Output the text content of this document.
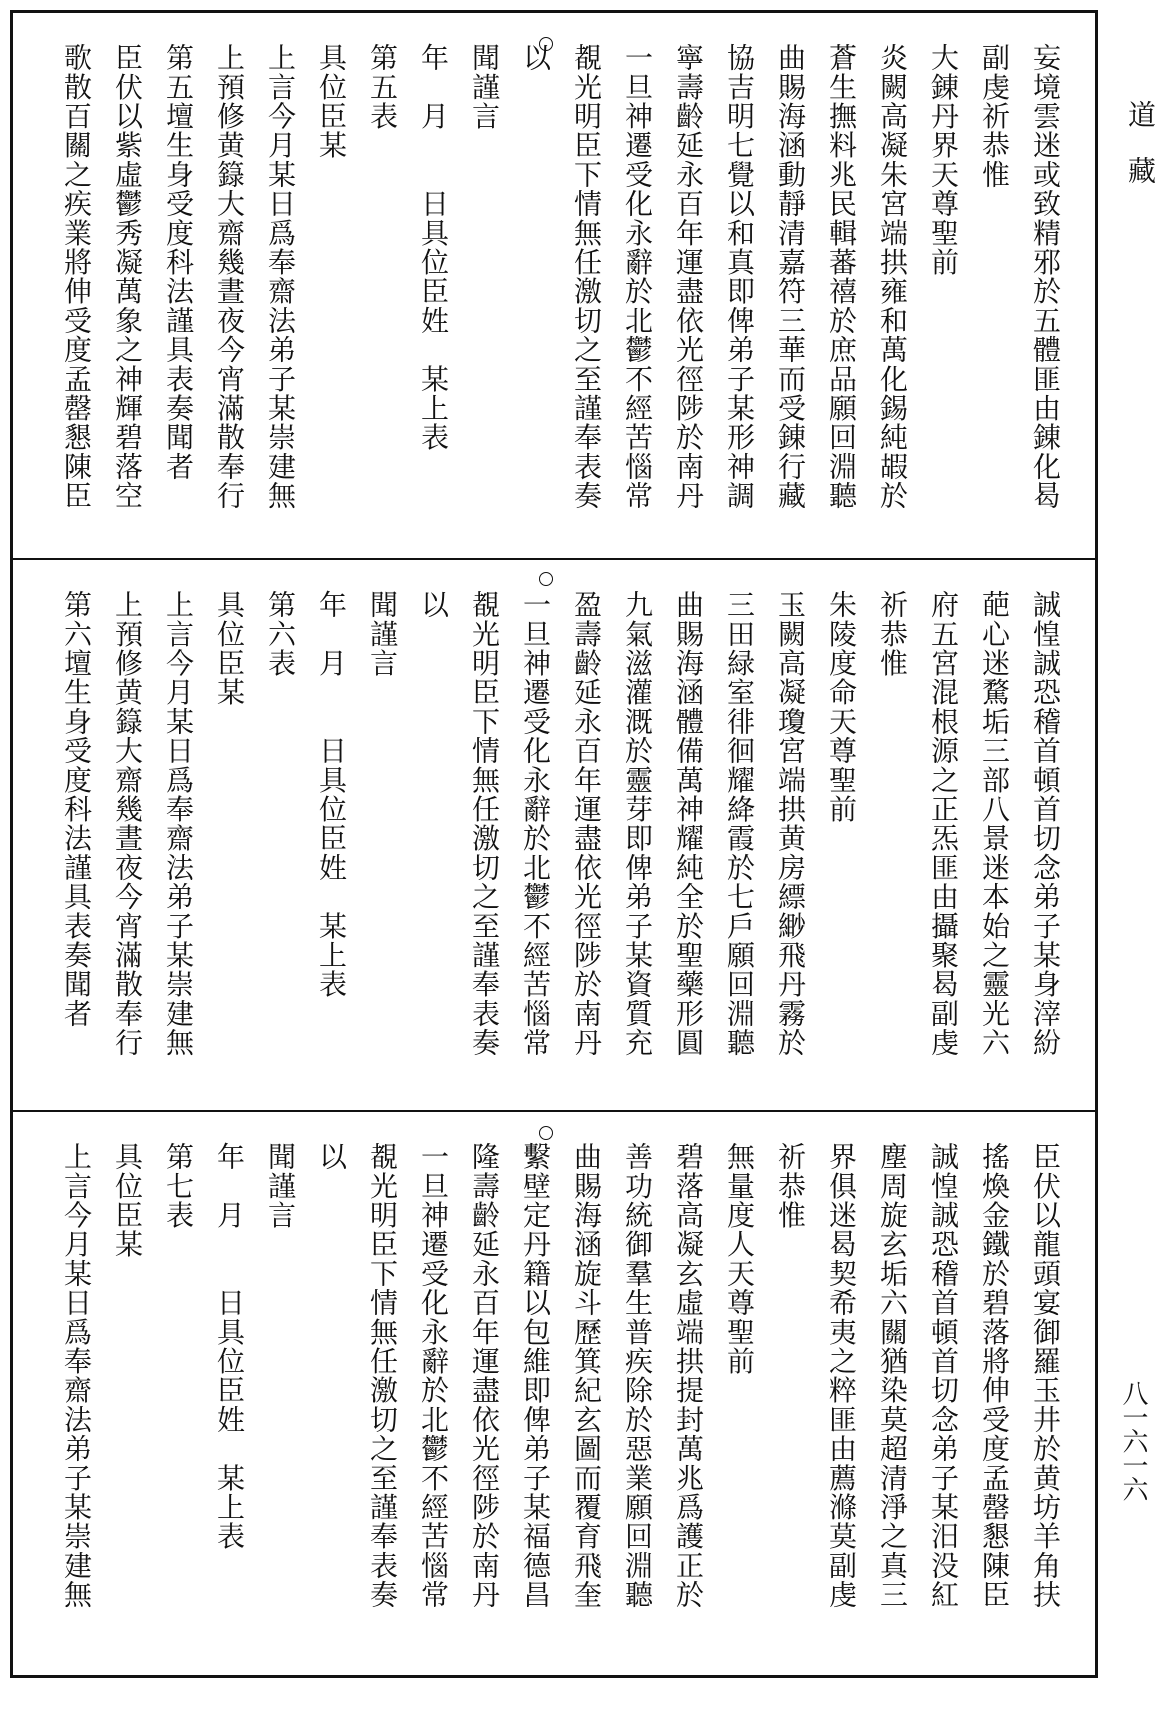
妄境雲迷或致精邪於五體匪由錬化曷
副虔祈恭惟
大錬丹界天尊聖前
炎闕高凝朱宮端拱雍和萬化錫純嘏於
蒼生撫料兆民輯蕃禧於庶品願回淵聽
曲賜海涵動靜清嘉符三華而受錬行藏
協吉明七覺以和真即俾弟子某形神調
寧壽齡延永百年運盡依光徑陟於南丹
一旦神遷受化永辭於北鬱不經苦惱常
覩光明臣下情無任激切之至謹奉表奏
以
聞謹言
年　月　　日具位臣姓　某上表
第五表
具位臣某
上言今月某日爲奉齋法弟子某崇建無
上預修黄籙大齋幾晝夜今宵滿散奉行
第五壇生身受度科法謹具表奏聞者
臣伏以紫虛鬱秀凝萬象之神輝碧落空
歌散百關之疾業將伸受度孟罄懇陳臣
誠惶誠恐稽首頓首切念弟子某身滓紛
葩心迷騖垢三部八景迷本始之靈光六
府五宮混根源之正炁匪由攝聚曷副虔
祈恭惟
朱陵度命天尊聖前
玉闕高凝瓊宮端拱黄房縹緲飛丹霧於
三田緑室徘徊耀絳霞於七戶願回淵聽
曲賜海涵體備萬神耀純全於聖藥形圓
九氣滋灌溉於靈芽即俾弟子某資質充
盈壽齡延永百年運盡依光徑陟於南丹
一旦神遷受化永辭於北鬱不經苦惱常
覩光明臣下情無任激切之至謹奉表奏
以
聞謹言
年　月　　日具位臣姓　某上表
第六表
具位臣某
上言今月某日爲奉齋法弟子某崇建無
上預修黄籙大齋幾晝夜今宵滿散奉行
第六壇生身受度科法謹具表奏聞者
臣伏以龍頭宴御羅玉井於黄坊羊角扶
搖煥金鐵於碧落將伸受度孟罄懇陳臣
誠惶誠恐稽首頓首切念弟子某汨没紅
塵周旋玄垢六關猶染莫超清淨之真三
界俱迷曷契希夷之粹匪由薦滌莫副虔
祈恭惟
無量度人天尊聖前
碧落高凝玄虛端拱提封萬兆爲護正於
善功統御羣生普疾除於惡業願回淵聽
曲賜海涵旋斗歷箕紀玄圖而覆育飛奎
繫壁定丹籍以包維即俾弟子某福德昌
隆壽齡延永百年運盡依光徑陟於南丹
一旦神遷受化永辭於北鬱不經苦惱常
覩光明臣下情無任激切之至謹奉表奏
以
聞謹言
年　月　　日具位臣姓　某上表
第七表
具位臣某
上言今月某日爲奉齋法弟子某崇建無
道藏
八一六一六
